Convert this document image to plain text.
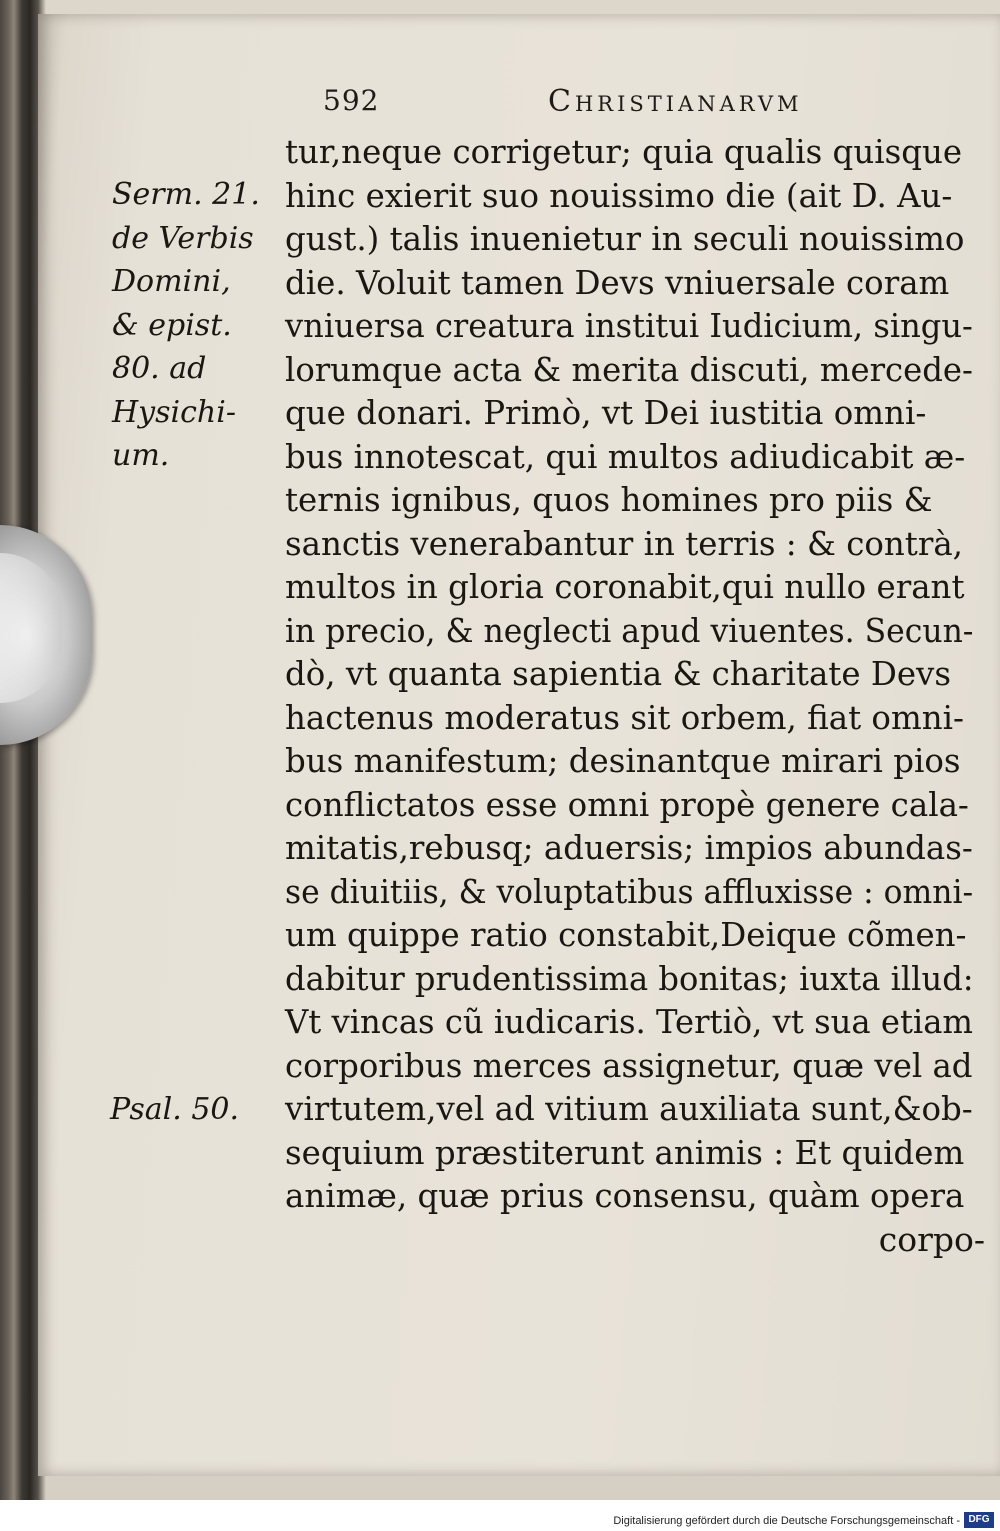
592	Christianarvm
Serm. 21.
de Verbis
Domini,
& epist.
80. ad
Hysichi-
um.
Psal. 50.
tur,neque corrigetur; quia qualis quisque
hinc exierit suo nouissimo die (ait D. Au-
gust.) talis inuenietur in seculi nouissimo
die. Voluit tamen Devs vniuersale coram
vniuersa creatura institui Iudicium, singu-
lorumque acta & merita discuti, mercede-
que donari. Primò, vt Dei iustitia omni-
bus innotescat, qui multos adiudicabit æ-
ternis ignibus, quos homines pro piis &
sanctis venerabantur in terris : & contrà,
multos in gloria coronabit,qui nullo erant
in precio, & neglecti apud viuentes. Secun-
dò, vt quanta sapientia & charitate Devs
hactenus moderatus sit orbem, fiat omni-
bus manifestum; desinantque mirari pios
conflictatos esse omni propè genere cala-
mitatis,rebusq; aduersis; impios abundas-
se diuitiis, & voluptatibus affluxisse : omni-
um quippe ratio constabit,Deique cõmen-
dabitur prudentissima bonitas; iuxta illud:
Vt vincas cũ iudicaris. Tertiò, vt sua etiam
corporibus merces assignetur, quæ vel ad
virtutem,vel ad vitium auxiliata sunt,&ob-
sequium præstiterunt animis : Et quidem
animæ, quæ prius consensu, quàm opera
corpo-
Digitalisierung gefördert durch die Deutsche Forschungsgemeinschaft - DFG
